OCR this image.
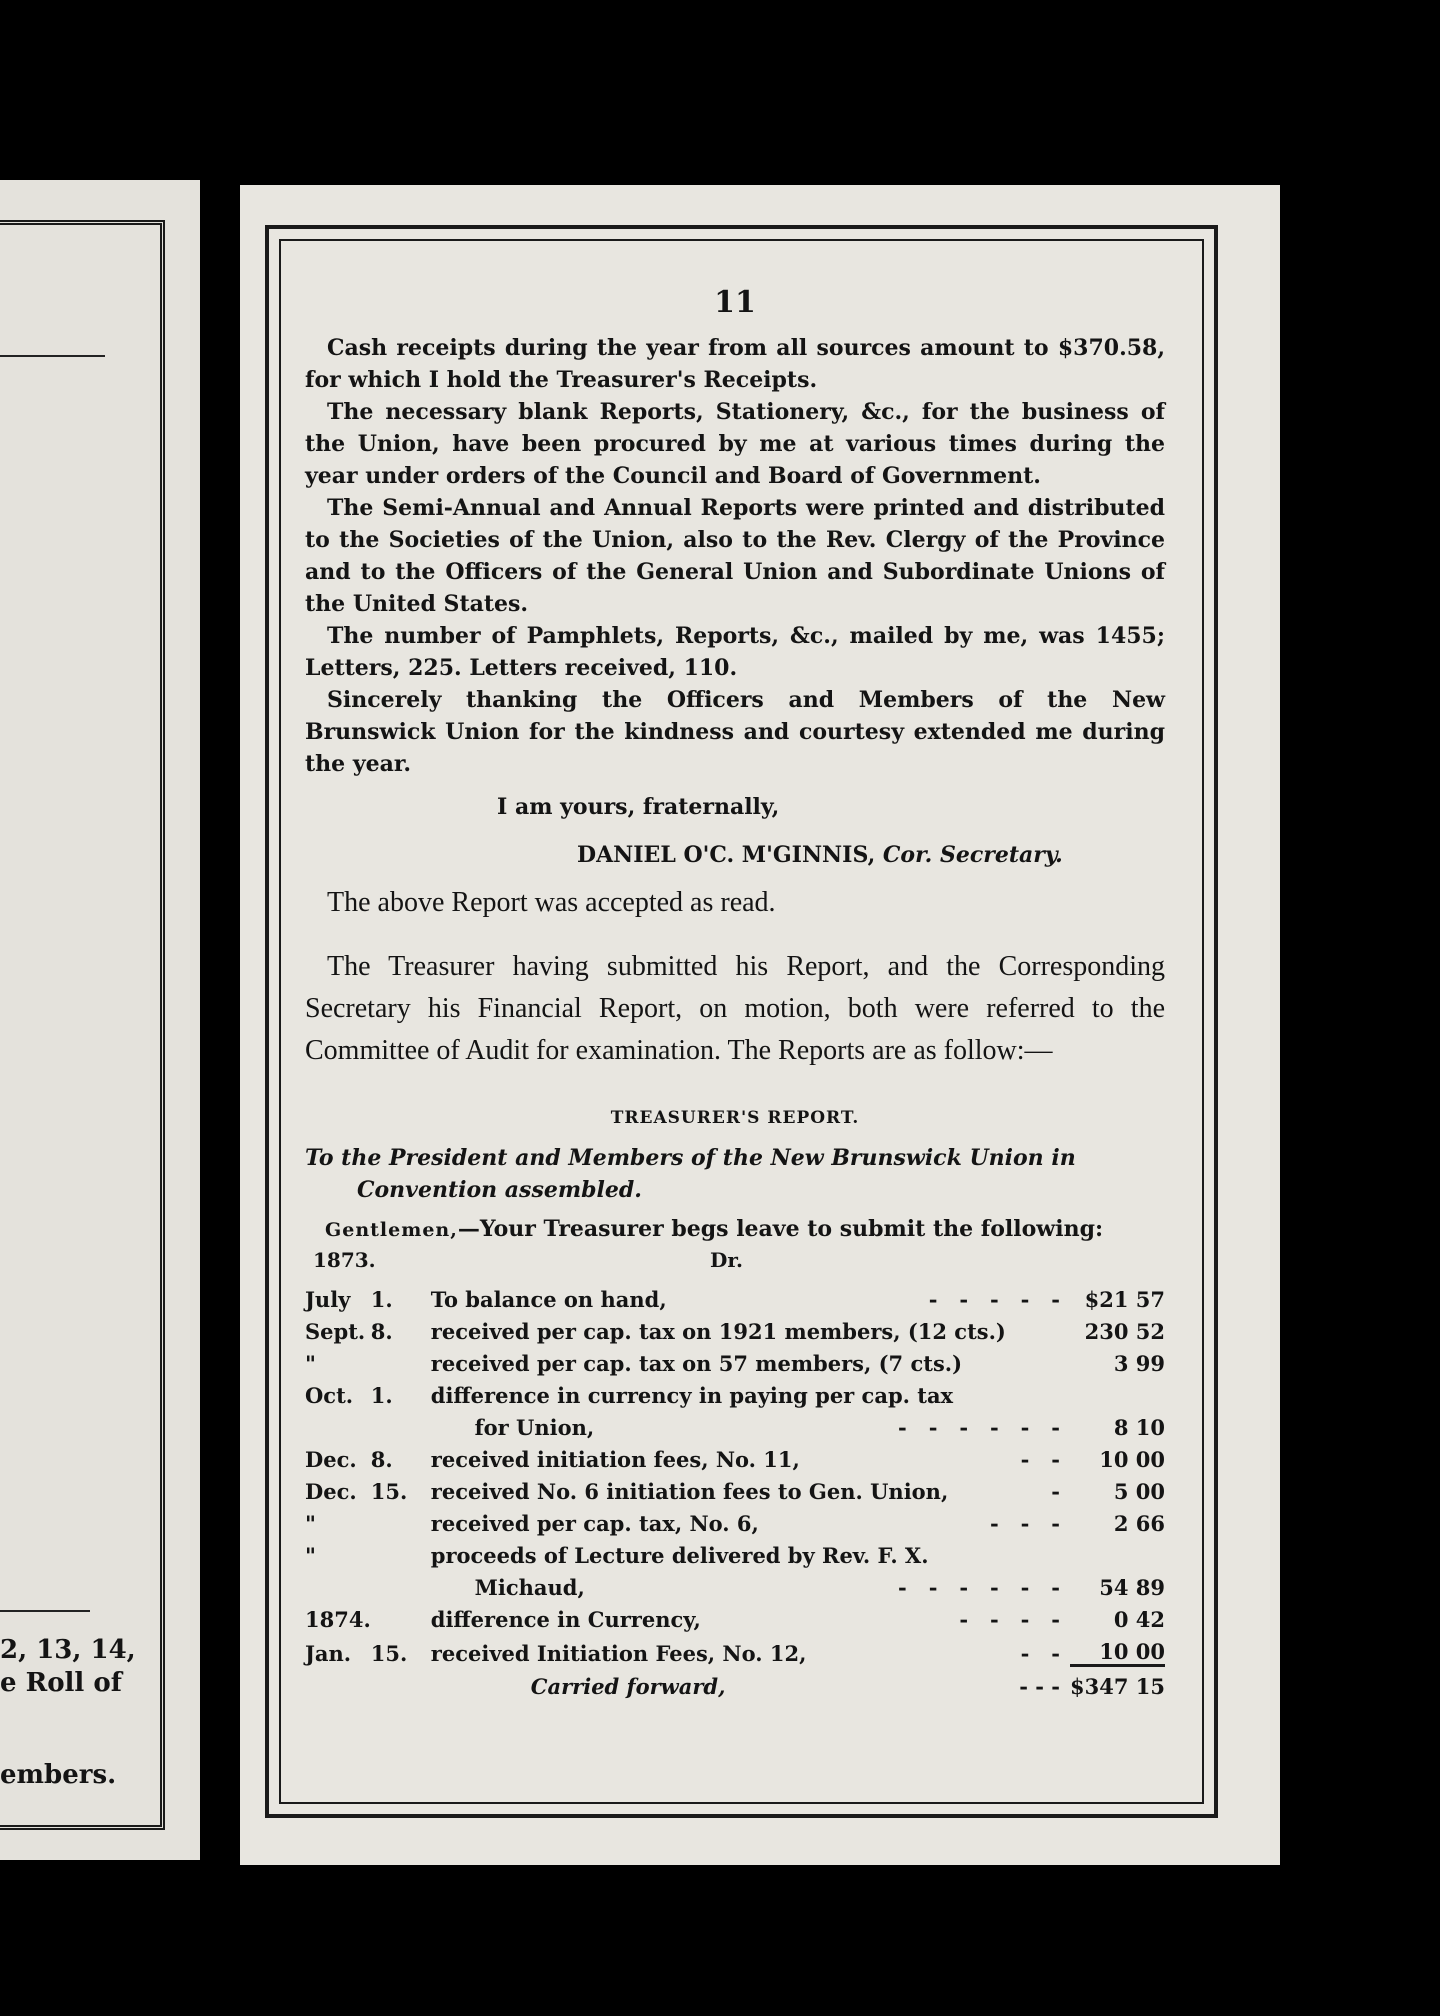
2, 13, 14,
e Roll of
embers.
11

Cash receipts during the year from all sources amount to $370.58, for which I hold the Treasurer's Receipts.

The necessary blank Reports, Stationery, &c., for the business of the Union, have been procured by me at various times during the year under orders of the Council and Board of Government.

The Semi-Annual and Annual Reports were printed and distributed to the Societies of the Union, also to the Rev. Clergy of the Province and to the Officers of the General Union and Subordinate Unions of the United States.

The number of Pamphlets, Reports, &c., mailed by me, was 1455; Letters, 225. Letters received, 110.

Sincerely thanking the Officers and Members of the New Brunswick Union for the kindness and courtesy extended me during the year.

I am yours, fraternally,
DANIEL O'C. M'GINNIS, Cor. Secretary.

The above Report was accepted as read.

The Treasurer having submitted his Report, and the Corresponding Secretary his Financial Report, on motion, both were referred to the Committee of Audit for examination. The Reports are as follow:—

TREASURER'S REPORT.

To the President and Members of the New Brunswick Union in Convention assembled.

Gentlemen,—Your Treasurer begs leave to submit the following:
1873.	Dr.
July	1.	To balance on hand, -   -   -   -   -	$21 57
Sept.	8.	received per cap. tax on 1921 members, (12 cts.)	230 52
"		received per cap. tax on 57 members, (7 cts.)	3 99
Oct.	1.	difference in currency in paying per cap. tax

		for Union, -   -   -   -   -   -	8 10
Dec.	8.	received initiation fees, No. 11, -   -	10 00
Dec.	15.	received No. 6 initiation fees to Gen. Union, -	5 00
"		received per cap. tax, No. 6, -   -   -	2 66
"		proceeds of Lecture delivered by Rev. F. X.

		Michaud, -   -   -   -   -   -	54 89
1874.		difference in Currency, -   -   -   -	0 42
Jan.	15.	received Initiation Fees, No. 12, -   -	10 00
		Carried forward, - - -	$347 15
